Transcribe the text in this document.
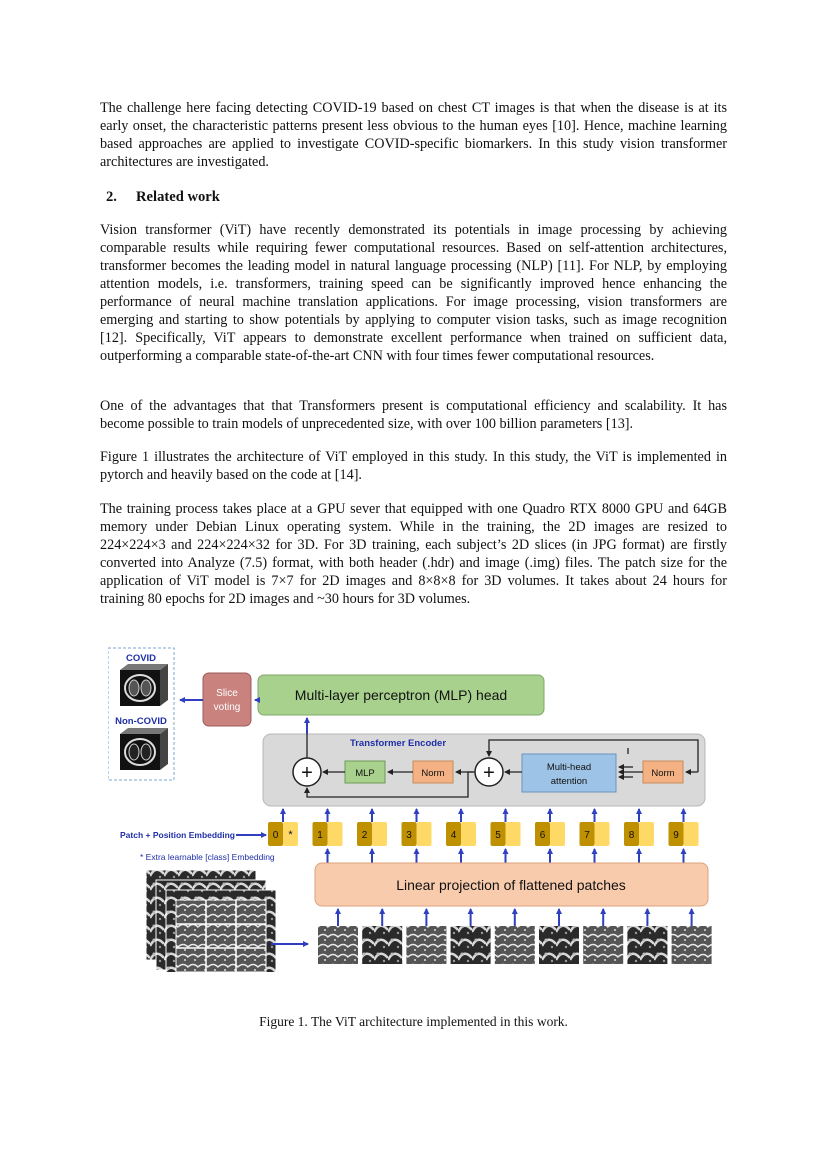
The challenge here facing detecting COVID-19 based on chest CT images is that when the disease is at its early onset, the characteristic patterns present less obvious to the human eyes [10]. Hence, machine learning based approaches are applied to investigate COVID-specific biomarkers. In this study vision transformer architectures are investigated.

2. Related work

Vision transformer (ViT) have recently demonstrated its potentials in image processing by achieving comparable results while requiring fewer computational resources. Based on self-attention architectures, transformer becomes the leading model in natural language processing (NLP) [11]. For NLP, by employing attention models, i.e. transformers, training speed can be significantly improved hence enhancing the performance of neural machine translation applications. For image processing, vision transformers are emerging and starting to show potentials by applying to computer vision tasks, such as image recognition [12]. Specifically, ViT appears to demonstrate excellent performance when trained on sufficient data, outperforming a comparable state-of-the-art CNN with four times fewer computational resources.

One of the advantages that that Transformers present is computational efficiency and scalability. It has become possible to train models of unprecedented size, with over 100 billion parameters [13].

Figure 1 illustrates the architecture of ViT employed in this study. In this study, the ViT is implemented in pytorch and heavily based on the code at [14].

The training process takes place at a GPU sever that equipped with one Quadro RTX 8000 GPU and 64GB memory under Debian Linux operating system. While in the training, the 2D images are resized to 224×224×3 and 224×224×32 for 3D. For 3D training, each subject’s 2D slices (in JPG format) are firstly converted into Analyze (7.5) format, with both header (.hdr) and image (.img) files. The patch size for the application of ViT model is 7×7 for 2D images and 8×8×8 for 3D volumes. It takes about 24 hours for training 80 epochs for 2D images and ~30 hours for 3D volumes.

COVID
Non-COVID
Slice
voting
Multi-layer perceptron (MLP) head
Transformer Encoder
+	MLP	Norm +	Multi-head
attention
Norm
0 * 1	2	3	4	5	6	7	8	9
Patch + Position Embedding
* Extra learnable [class] Embedding
Linear projection of flattened patches
Figure 1. The ViT architecture implemented in this work.
